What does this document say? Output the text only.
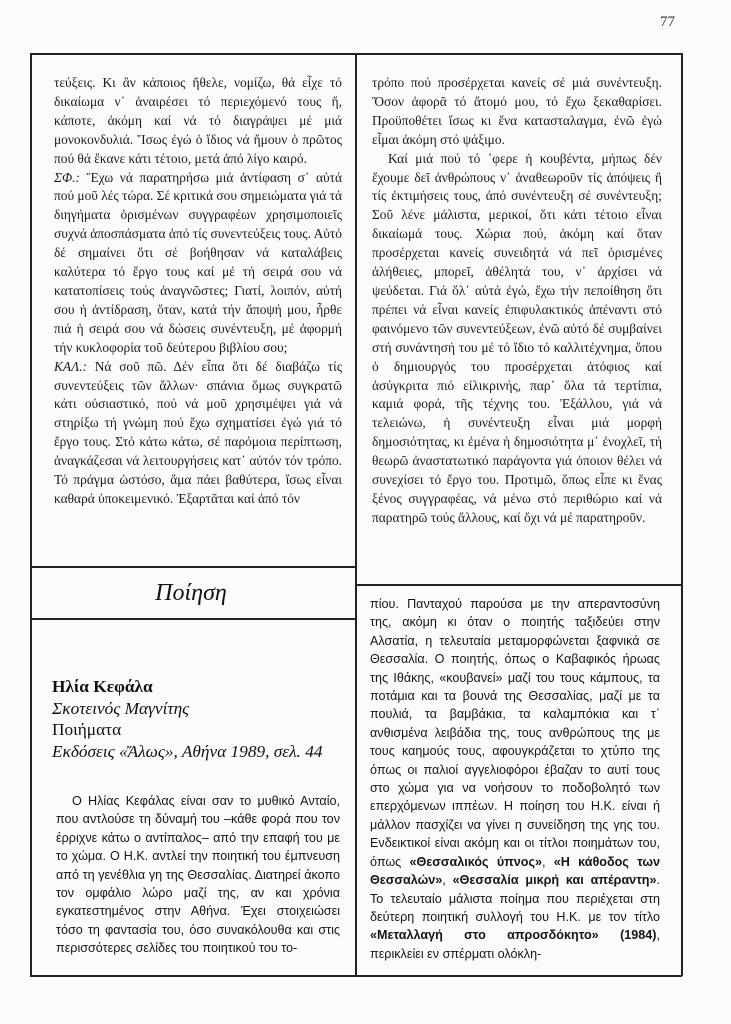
77

τεύξεις. Κι ἂν κάποιος ἤθελε, νομίζω, θά εἶχε τό δικαίωμα ν᾽ ἀναιρέσει τό περιεχόμενό τους ἤ, κάποτε, ἀκόμη καί νά τό διαγράψει μέ μιά μονοκονδυλιά. Ἴσως ἐγώ ὁ ἴδιος νά ἤμουν ὁ πρῶτος πού θά ἔκανε κάτι τέτοιο, μετά ἀπό λίγο καιρό.

ΣΦ.: Ἔχω νά παρατηρήσω μιά ἀντίφαση σ᾽ αὐτά πού μοῦ λές τώρα. Σέ κριτικά σου σημειώματα γιά τά διηγήματα ὁρισμένων συγγραφέων χρησιμοποιεῖς συχνά ἀποσπάσματα ἀπό τίς συνεντεύξεις τους. Αὐτό δέ σημαίνει ὅτι σέ βοήθησαν νά καταλάβεις καλύτερα τό ἔργο τους καί μέ τή σειρά σου νά κατατοπίσεις τούς ἀναγνῶστες; Γιατί, λοιπόν, αὐτή σου ἡ ἀντίδραση, ὅταν, κατά τήν ἄποψή μου, ἦρθε πιά ἡ σειρά σου νά δώσεις συνέντευξη, μέ ἀφορμή τήν κυκλοφορία τοῦ δεύτερου βιβλίου σου;

ΚΑΛ.: Νά σοῦ πῶ. Δέν εἶπα ὅτι δέ διαβάζω τίς συνεντεύξεις τῶν ἄλλων· σπάνια ὅμως συγκρατῶ κάτι οὐσιαστικό, πού νά μοῦ χρησιμέψει γιά νά στηρίξω τή γνώμη πού ἔχω σχηματίσει ἐγώ γιά τό ἔργο τους. Στό κάτω κάτω, σέ παρόμοια περίπτωση, ἀναγκάζεσαι νά λειτουργήσεις κατ᾽ αὐτόν τόν τρόπο. Τό πράγμα ὡστόσο, ἅμα πάει βαθύτερα, ἴσως εἶναι καθαρά ὑποκειμενικό. Ἐξαρτᾶται καί ἀπό τόν

τρόπο πού προσέρχεται κανείς σέ μιά συνέντευξη. Ὅσον ἀφορᾶ τό ἄτομό μου, τό ἔχω ξεκαθαρίσει. Προϋποθέτει ἴσως κι ἕνα κατασταλαγμα, ἐνῶ ἐγώ εἶμαι ἀκόμη στό ψάξιμο.

Καί μιά πού τό ᾽φερε ἡ κουβέντα, μήπως δέν ἔχουμε δεῖ ἀνθρώπους ν᾽ ἀναθεωροῦν τίς ἀπόψεις ἤ τίς ἐκτιμήσεις τους, ἀπό συνέντευξη σέ συνέντευξη; Σοῦ λένε μάλιστα, μερικοί, ὅτι κάτι τέτοιο εἶναι δικαίωμά τους. Χώρια πού, ἀκόμη καί ὅταν προσέρχεται κανείς συνειδητά νά πεῖ ὁρισμένες ἀλήθειες, μπορεῖ, ἀθέλητά του, ν᾽ ἀρχίσει νά ψεύδεται. Γιά ὅλ᾽ αὐτά ἐγώ, ἔχω τήν πεποίθηση ὅτι πρέπει νά εἶναι κανείς ἐπιφυλακτικός ἀπέναντι στό φαινόμενο τῶν συνεντεύξεων, ἐνῶ αὐτό δέ συμβαίνει στή συνάντησή του μέ τό ἴδιο τό καλλιτέχνημα, ὅπου ὁ δημιουργός του προσέρχεται ἀτόφιος καί ἀσύγκριτα πιό εἰλικρινής, παρ᾽ ὅλα τά τερτίπια, καμιά φορά, τῆς τέχνης του. Ἐξάλλου, γιά νά τελειώνω, ἡ συνέντευξη εἶναι μιά μορφή δημοσιότητας, κι ἐμένα ἡ δημοσιότητα μ᾽ ἐνοχλεῖ, τή θεωρῶ ἀναστατωτικό παράγοντα γιά ὁποιον θέλει νά συνεχίσει τό ἔργο του. Προτιμῶ, ὅπως εἶπε κι ἕνας ξένος συγγραφέας, νά μένω στό περιθώριο καί νά παρατηρῶ τούς ἄλλους, καί ὄχι νά μέ παρατηροῦν.

Ποίηση
Ηλία Κεφάλα
Σκοτεινός Μαγνίτης
Ποιήματα
Εκδόσεις «Ἄλως», Αθήνα 1989, σελ. 44

Ο Ηλίας Κεφάλας είναι σαν το μυθικό Ανταίο, που αντλούσε τη δύναμή του –κάθε φορά που τον έρριχνε κάτω ο αντίπαλος– από την επαφή του με το χώμα. Ο Η.Κ. αντλεί την ποιητική του έμπνευση από τη γενέθλια γη της Θεσσαλίας. Διατηρεί άκοπο τον ομφάλιο λώρο μαζί της, αν και χρόνια εγκατεστημένος στην Αθήνα. Έχει στοιχειώσει τόσο τη φαντασία του, όσο συνακόλουθα και στις περισσότερες σελίδες του ποιητικού του το-

πίου. Πανταχού παρούσα με την απεραντοσύνη της, ακόμη κι όταν ο ποιητής ταξιδεύει στην Αλσατία, η τελευταία μεταμορφώνεται ξαφνικά σε Θεσσαλία. Ο ποιητής, όπως ο Καβαφικός ήρωας της Ιθάκης, «κουβανεί» μαζί του τους κάμπους, τα ποτάμια και τα βουνά της Θεσσαλίας, μαζί με τα πουλιά, τα βαμβάκια, τα καλαμπόκια και τ᾽ ανθισμένα λειβάδια της, τους ανθρώπους της με τους καημούς τους, αφουγκράζεται το χτύπο της όπως οι παλιοί αγγελιοφόροι έβαζαν το αυτί τους στο χώμα για να νοήσουν το ποδοβολητό των επερχόμενων ιππέων. Η ποίηση του Η.Κ. είναι ή μάλλον πασχίζει να γίνει η συνείδηση της γης του. Ενδεικτικοί είναι ακόμη και οι τίτλοι ποιημάτων του, όπως «Θεσσαλικός ύπνος», «Η κάθοδος των Θεσσαλών», «Θεσσαλία μικρή και απέραντη». Το τελευταίο μάλιστα ποίημα που περιέχεται στη δεύτερη ποιητική συλλογή του Η.Κ. με τον τίτλο «Μεταλλαγή στο απροσδόκητο» (1984), περικλείει εν σπέρματι ολόκλη-
